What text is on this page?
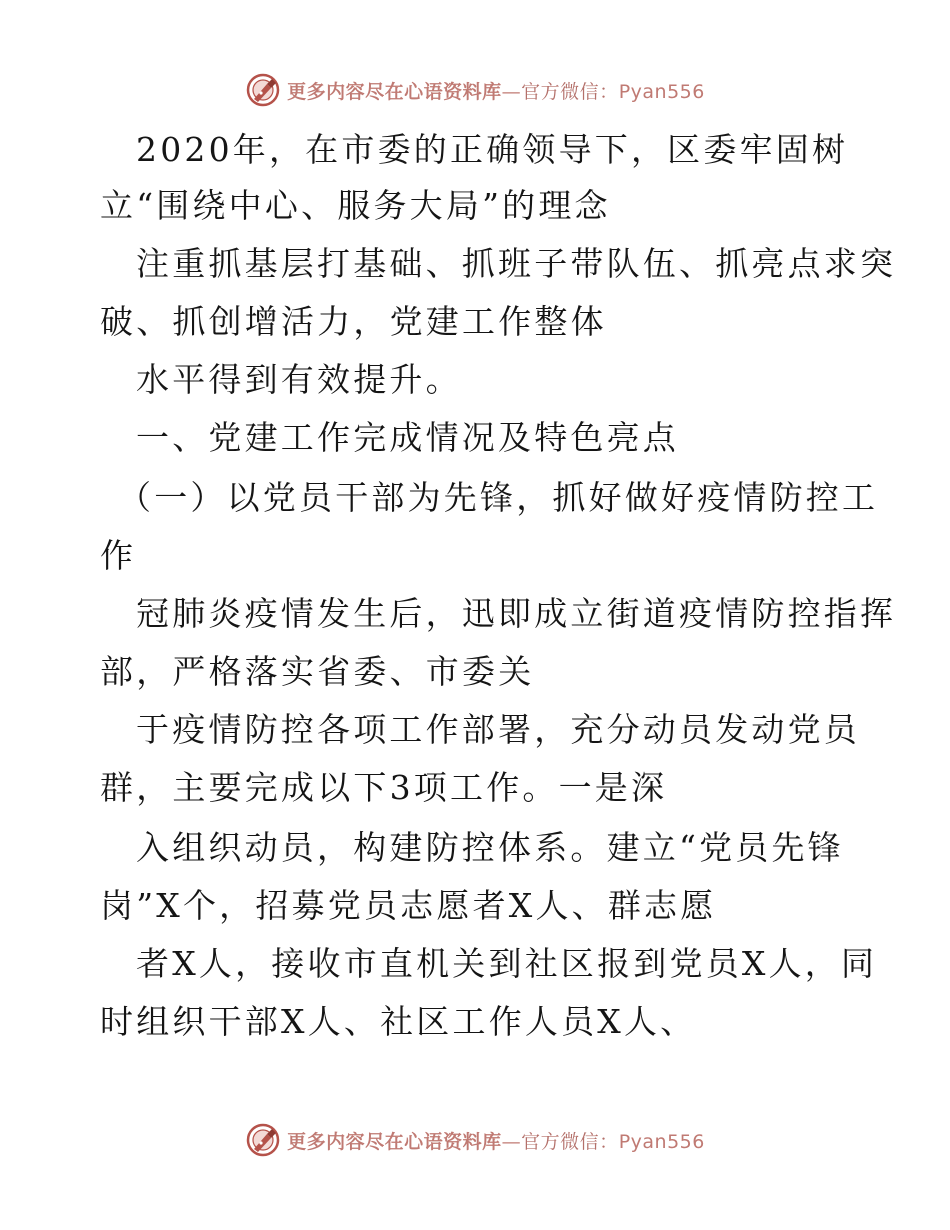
更多内容尽在心语资料库—官方微信：Pyan556
2020年，在市委的正确领导下，区委牢固树
立“围绕中心、服务大局”的理念
注重抓基层打基础、抓班子带队伍、抓亮点求突
破、抓创增活力，党建工作整体
水平得到有效提升。
一、党建工作完成情况及特色亮点
（一）以党员干部为先锋，抓好做好疫情防控工
作
冠肺炎疫情发生后，迅即成立街道疫情防控指挥
部，严格落实省委、市委关
于疫情防控各项工作部署，充分动员发动党员
群，主要完成以下3项工作。一是深
入组织动员，构建防控体系。建立“党员先锋
岗”X个，招募党员志愿者X人、群志愿
者X人，接收市直机关到社区报到党员X人，同
时组织干部X人、社区工作人员X人、
更多内容尽在心语资料库—官方微信：Pyan556
